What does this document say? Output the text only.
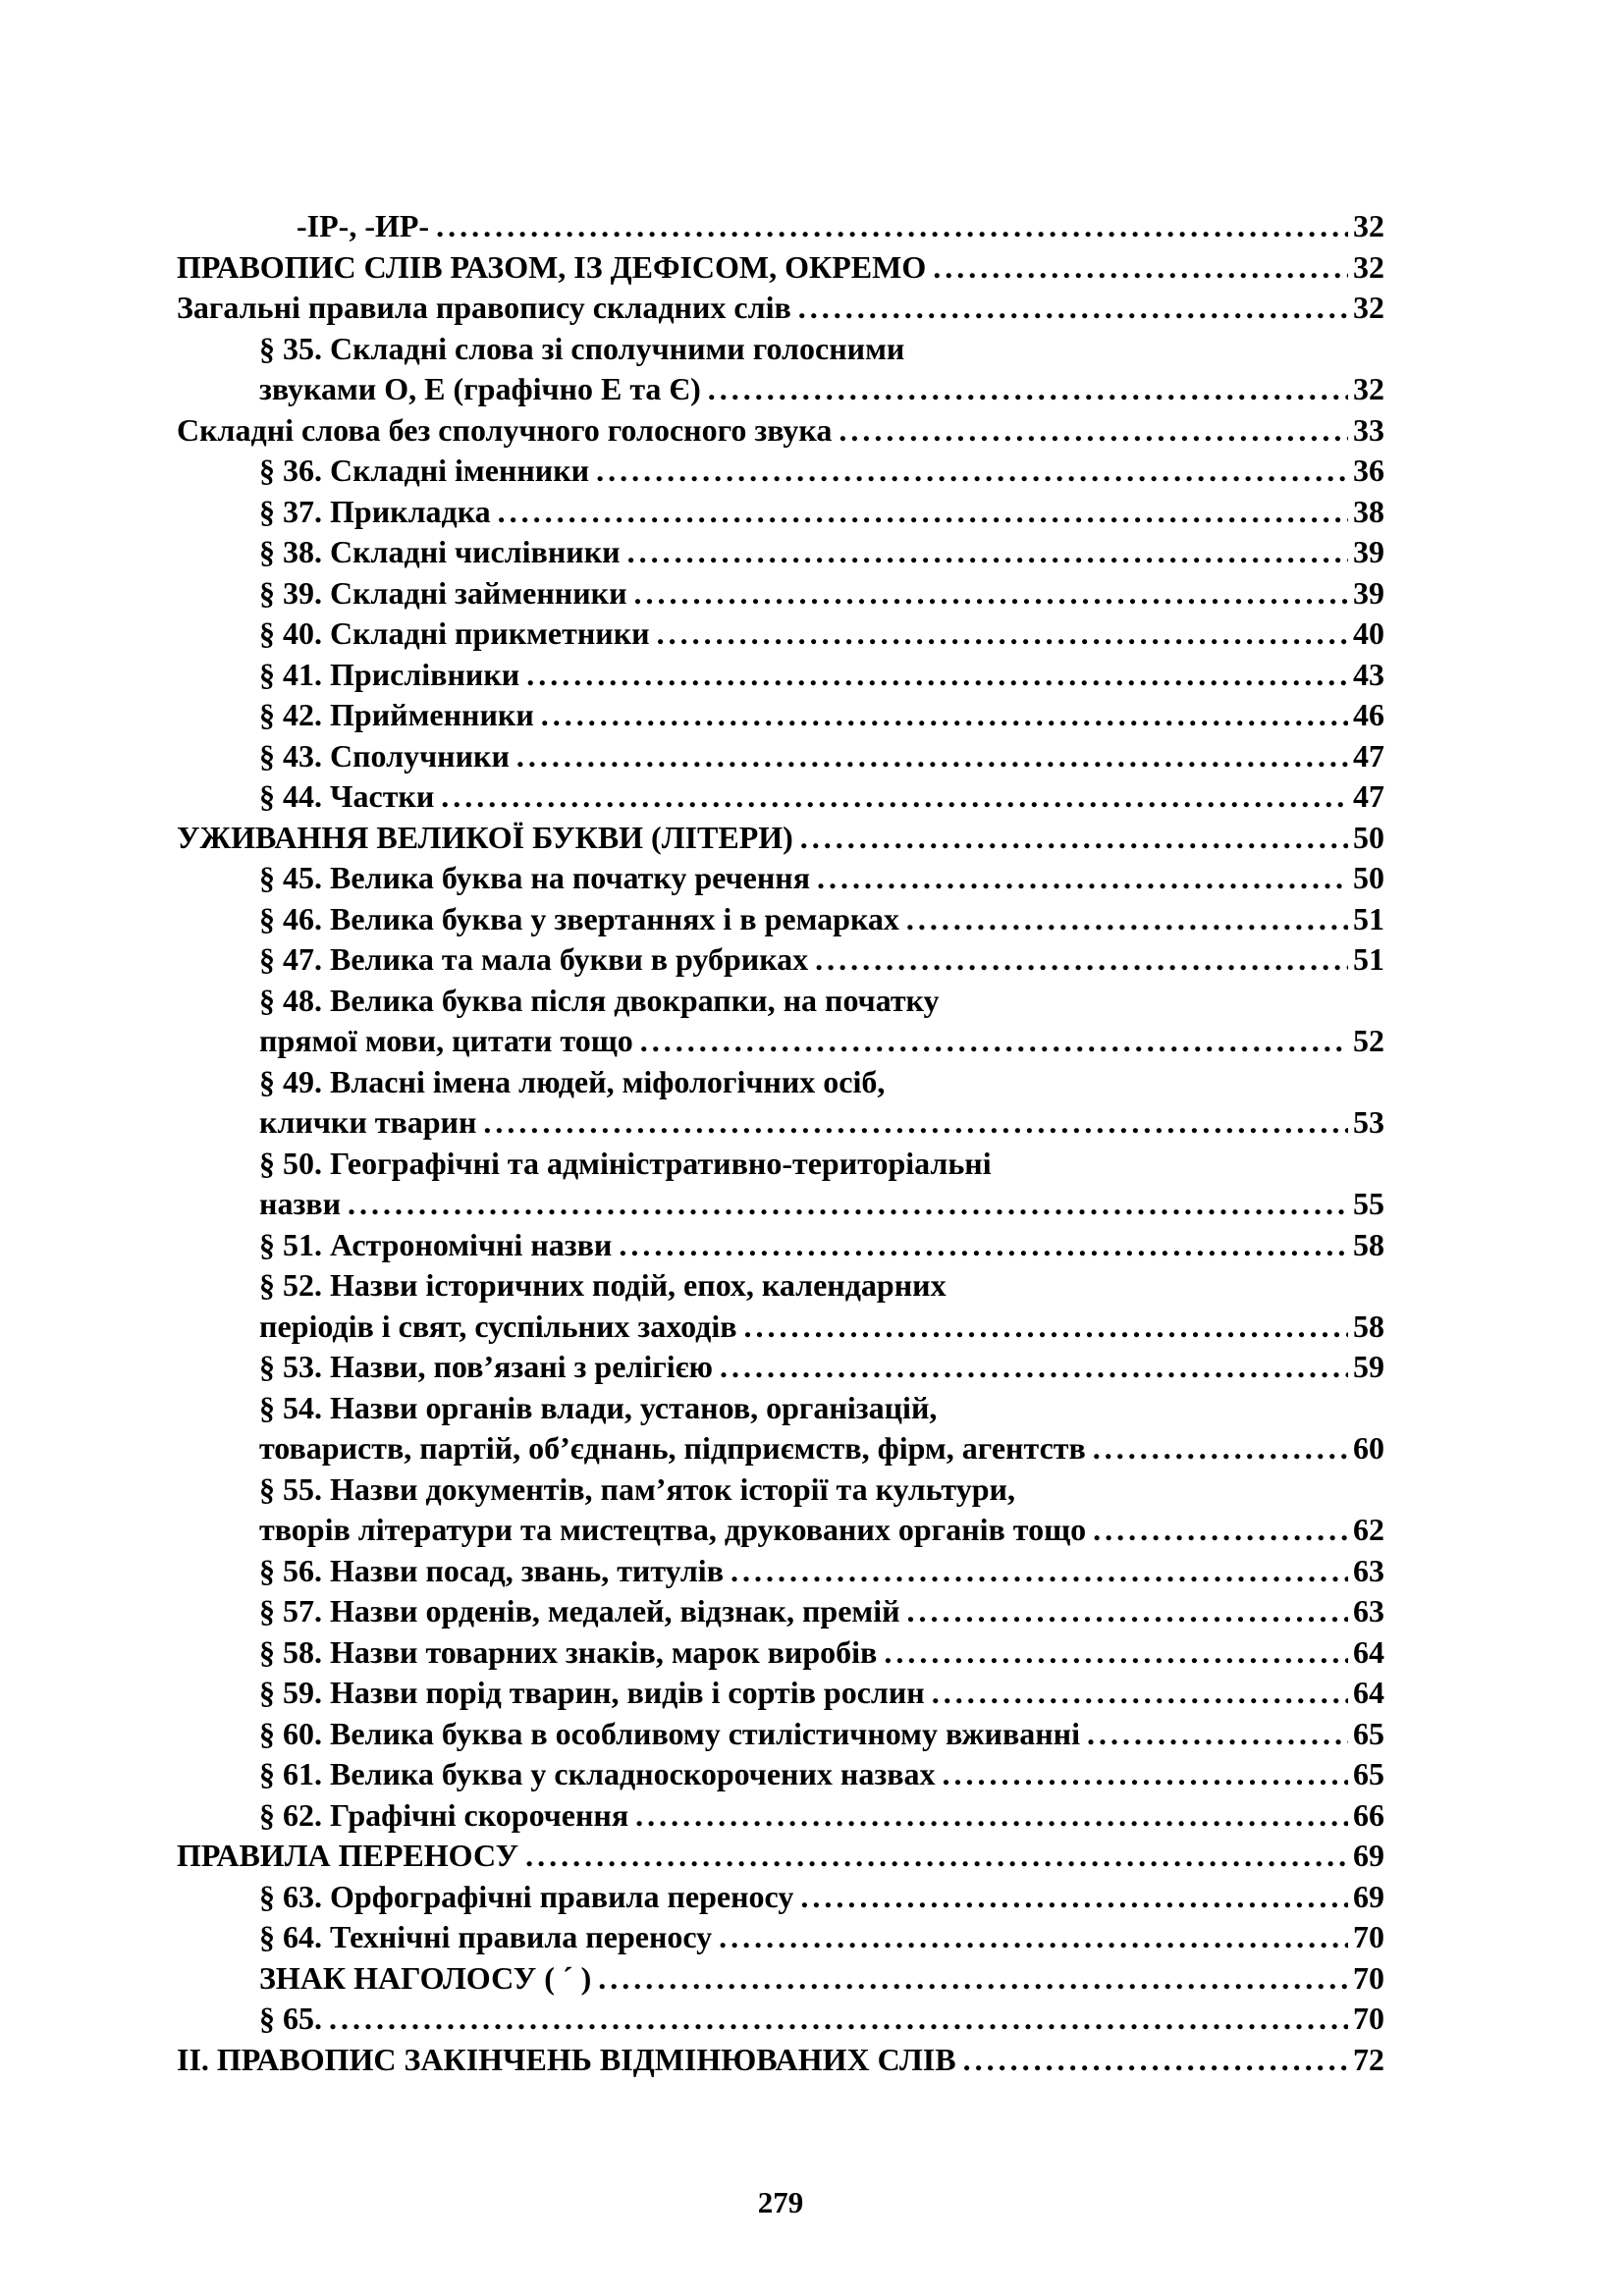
-ІР-, -ИР- .....	32
ПРАВОПИС СЛІВ РАЗОМ, ІЗ ДЕФІСОМ, ОКРЕМО .....	32
Загальні правила правопису складних слів .....	32
§ 35. Складні слова зі сполучними голосними
звуками О, Е (графічно Е та Є) .....	32
Складні слова без сполучного голосного звука .....	33
§ 36. Складні іменники .....	36
§ 37. Прикладка .....	38
§ 38. Складні числівники .....	39
§ 39. Складні займенники .....	39
§ 40. Складні прикметники .....	40
§ 41. Прислівники .....	43
§ 42. Прийменники .....	46
§ 43. Сполучники .....	47
§ 44. Частки .....	47
УЖИВАННЯ ВЕЛИКОЇ БУКВИ (ЛІТЕРИ) .....	50
§ 45. Велика буква на початку речення .....	50
§ 46. Велика буква у звертаннях і в ремарках .....	51
§ 47. Велика та мала букви в рубриках .....	51
§ 48. Велика буква після двокрапки, на початку
прямої мови, цитати тощо .....	52
§ 49. Власні імена людей, міфологічних осіб,
клички тварин .....	53
§ 50. Географічні та адміністративно-територіальні
назви .....	55
§ 51. Астрономічні назви .....	58
§ 52. Назви історичних подій, епох, календарних
періодів і свят, суспільних заходів .....	58
§ 53. Назви, пов’язані з релігією .....	59
§ 54. Назви органів влади, установ, організацій,
товариств, партій, об’єднань, підприємств, фірм, агентств .....	60
§ 55. Назви документів, пам’яток історії та культури,
творів літератури та мистецтва, друкованих органів тощо .....	62
§ 56. Назви посад, звань, титулів .....	63
§ 57. Назви орденів, медалей, відзнак, премій .....	63
§ 58. Назви товарних знаків, марок виробів .....	64
§ 59. Назви порід тварин, видів і сортів рослин .....	64
§ 60. Велика буква в особливому стилістичному вживанні .....	65
§ 61. Велика буква у складноскорочених назвах .....	65
§ 62. Графічні скорочення .....	66
ПРАВИЛА ПЕРЕНОСУ .....	69
§ 63. Орфографічні правила переносу .....	69
§ 64. Технічні правила переносу .....	70
ЗНАК НАГОЛОСУ ( ´ ) .....	70
§ 65. .....	70
ІІ. ПРАВОПИС ЗАКІНЧЕНЬ ВІДМІНЮВАНИХ СЛІВ .....	72
279
